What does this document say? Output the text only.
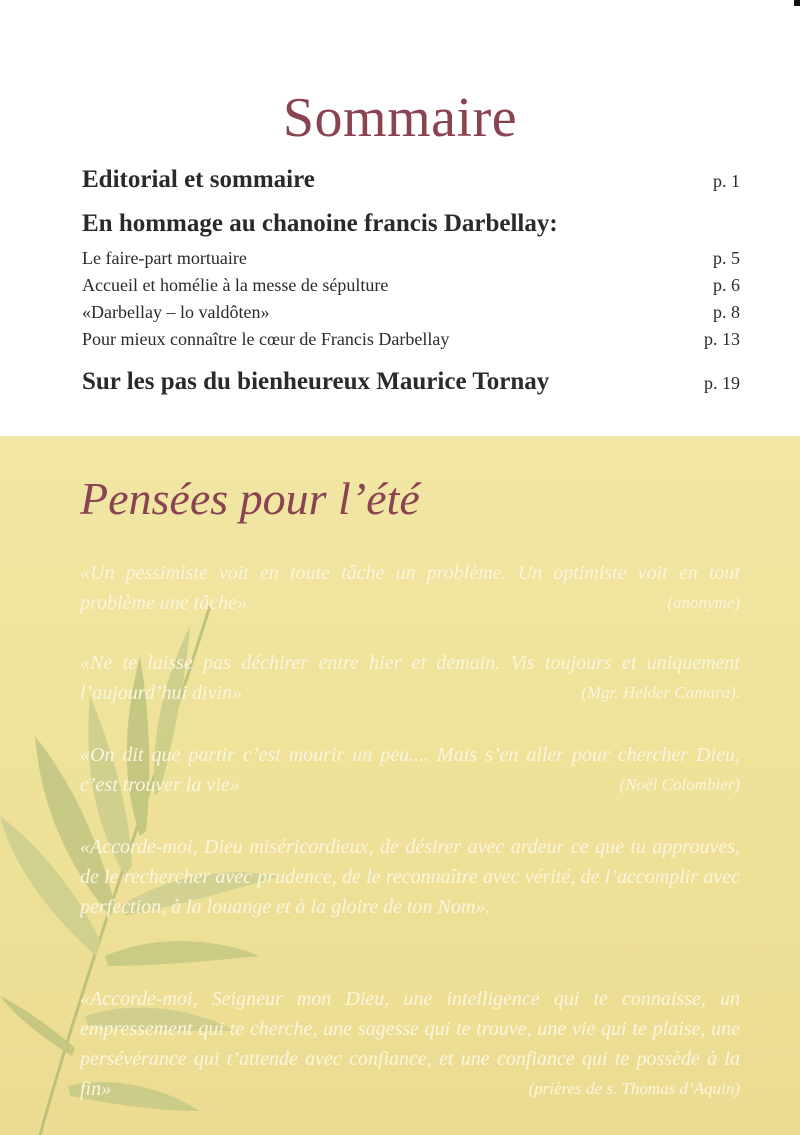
Sommaire
Editorial et sommaire	p. 1
En hommage au chanoine francis Darbellay:
Le faire-part mortuaire	p. 5
Accueil et homélie à la messe de sépulture	p. 6
«Darbellay – lo valdôten»	p. 8
Pour mieux connaître le cœur de Francis Darbellay	p. 13
Sur les pas du bienheureux Maurice Tornay	p. 19
Pensées pour l’été

«Un pessimiste voit en toute tâche un problème. Un optimiste voit en tout problème une tâche»	(anonyme)

«Ne te laisse pas déchirer entre hier et demain. Vis toujours et uniquement l’aujourd’hui divin»	(Mgr. Helder Camara).

«On dit que partir c’est mourir un peu.... Mais s’en aller pour chercher Dieu, c’est trouver la vie»	(Noël Colombier)

«Accorde-moi, Dieu miséricordieux, de désirer avec ardeur ce que tu approuves, de le rechercher avec prudence, de le reconnaître avec vérité, de l’accomplir avec perfection, à la louange et à la gloire de ton Nom».

«Accorde-moi, Seigneur mon Dieu, une intelligence qui te connaisse, un empressement qui te cherche, une sagesse qui te trouve, une vie qui te plaise, une persévérance qui t’attende avec confiance, et une confiance qui te possède à la fin»	(prières de s. Thomas d’Aquin)
